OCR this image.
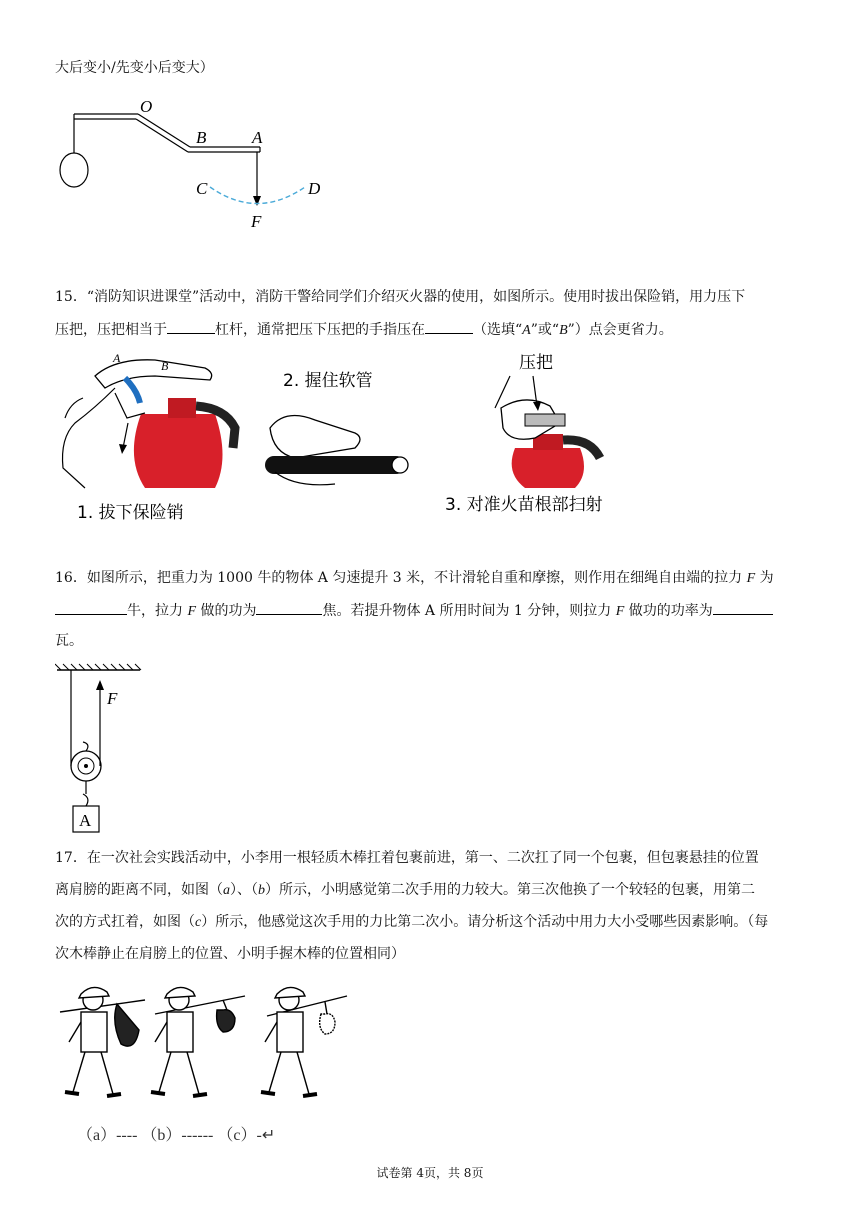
大后变小/先变小后变大）
O
B	A
C	D
F
15．“消防知识进课堂”活动中，消防干警给同学们介绍灭火器的使用，如图所示。使用时拔出保险销，用力压下
压把，压把相当于	杠杆，通常把压下压把的手指压在	（选填“A”或“B”）点会更省力。
A
B
1. 拔下保险销
2. 握住软管
压把
3. 对准火苗根部扫射
16．如图所示，把重力为 1000 牛的物体 A 匀速提升 3 米，不计滑轮自重和摩擦，则作用在细绳自由端的拉力 F 为
牛，拉力 F 做的功为	焦。若提升物体 A 所用时间为 1 分钟，则拉力 F 做功的功率为
瓦。
F
A
17．在一次社会实践活动中，小李用一根轻质木棒扛着包裹前进，第一、二次扛了同一个包裹，但包裹悬挂的位置
离肩膀的距离不同，如图（a）、（b）所示，小明感觉第二次手用的力较大。第三次他换了一个较轻的包裹，用第二
次的方式扛着，如图（c）所示，他感觉这次手用的力比第二次小。请分析这个活动中用力大小受哪些因素影响。（每
次木棒静止在肩膀上的位置、小明手握木棒的位置相同）
（a）‐‐‐‐ （b）‐‐‐‐‐‐ （c）‐↵
试卷第 4页，共 8页
